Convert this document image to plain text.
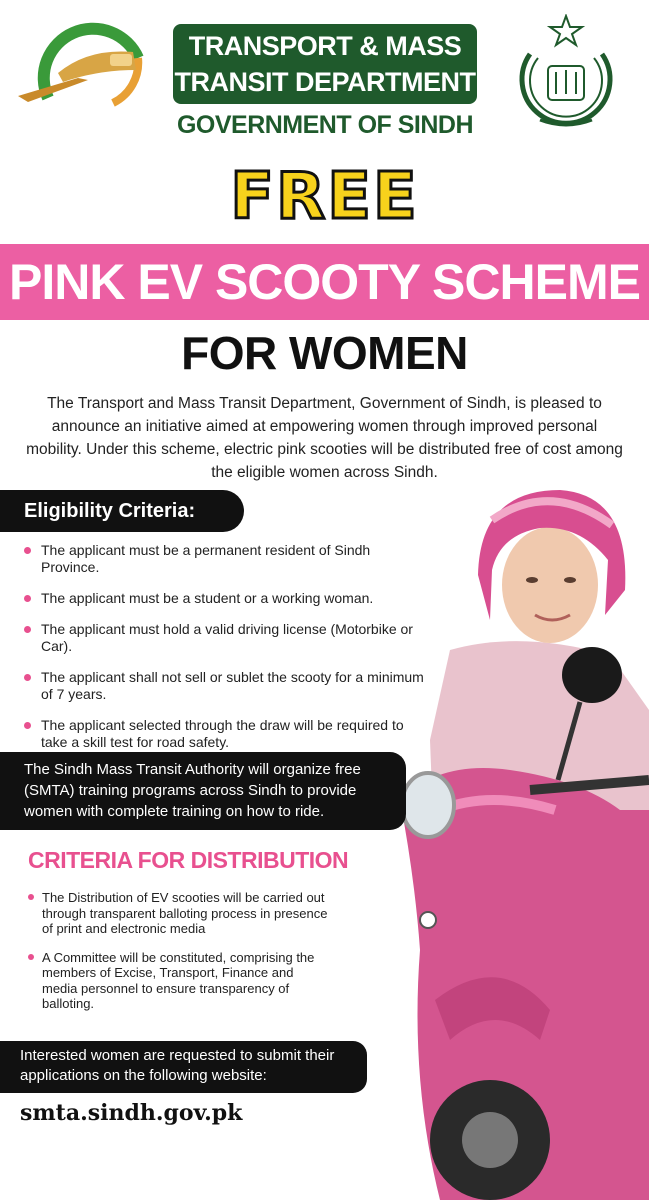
TRANSPORT & MASS
TRANSIT DEPARTMENT
GOVERNMENT OF SINDH
FREE
PINK EV SCOOTY SCHEME
FOR WOMEN
The Transport and Mass Transit Department, Government of Sindh, is pleased to announce an initiative aimed at empowering women through improved personal mobility. Under this scheme, electric pink scooties will be distributed free of cost among the eligible women across Sindh.
Eligibility Criteria:
The applicant must be a permanent resident of Sindh Province.
The applicant must be a student or a working woman.
The applicant must hold a valid driving license (Motorbike or Car).
The applicant shall not sell or sublet the scooty for a minimum of 7 years.
The applicant selected through the draw will be required to take a skill test for road safety.
The Sindh Mass Transit Authority will organize free (SMTA) training programs across Sindh to provide women with complete training on how to ride.
CRITERIA FOR DISTRIBUTION
The Distribution of EV scooties will be carried out through transparent balloting process in presence of print and electronic media
A Committee will be constituted, comprising the members of Excise, Transport, Finance and media personnel to ensure transparency of balloting.
Interested women are requested to submit their applications on the following website:
smta.sindh.gov.pk
